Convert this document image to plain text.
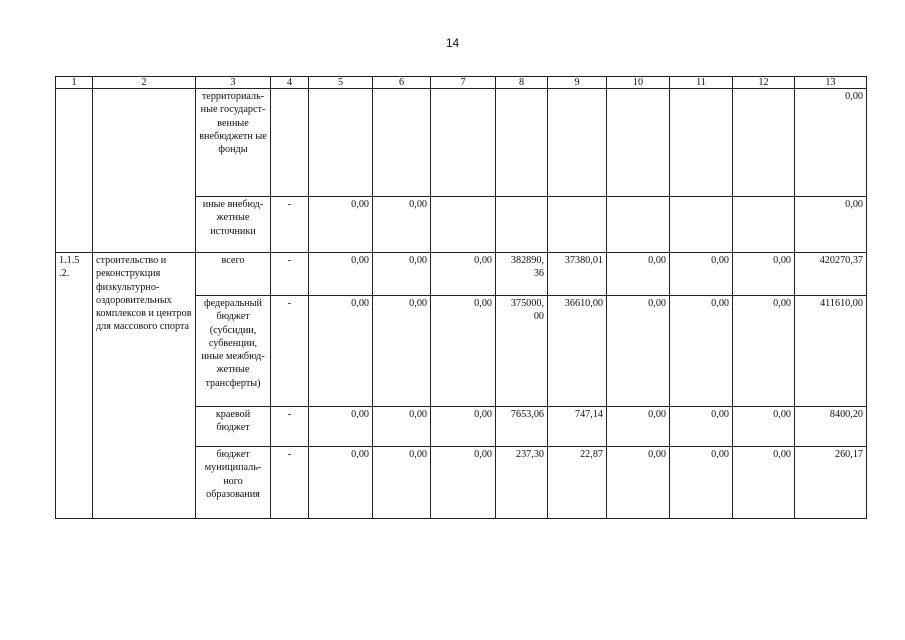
14
1	2	3	4	5	6	7	8	9	10	11	12	13
		территориаль-ные государст-венные внебюджетн ые фонды										0,00
		иные внебюд-жетные источники	-	0,00	0,00							0,00
1.1.5 .2.	строительство и реконструкция физкультурно-оздоровительных комплексов и центров для массового спорта	всего	-	0,00	0,00	0,00	382890, 36	37380,01	0,00	0,00	0,00	420270,37
		федеральный бюджет (субсидии, субвенции, иные межбюд-жетные трансферты)	-	0,00	0,00	0,00	375000, 00	36610,00	0,00	0,00	0,00	411610,00
		краевой бюджет	-	0,00	0,00	0,00	7653,06	747,14	0,00	0,00	0,00	8400,20
		бюджет муниципаль-ного образования	-	0,00	0,00	0,00	237,30	22,87	0,00	0,00	0,00	260,17
